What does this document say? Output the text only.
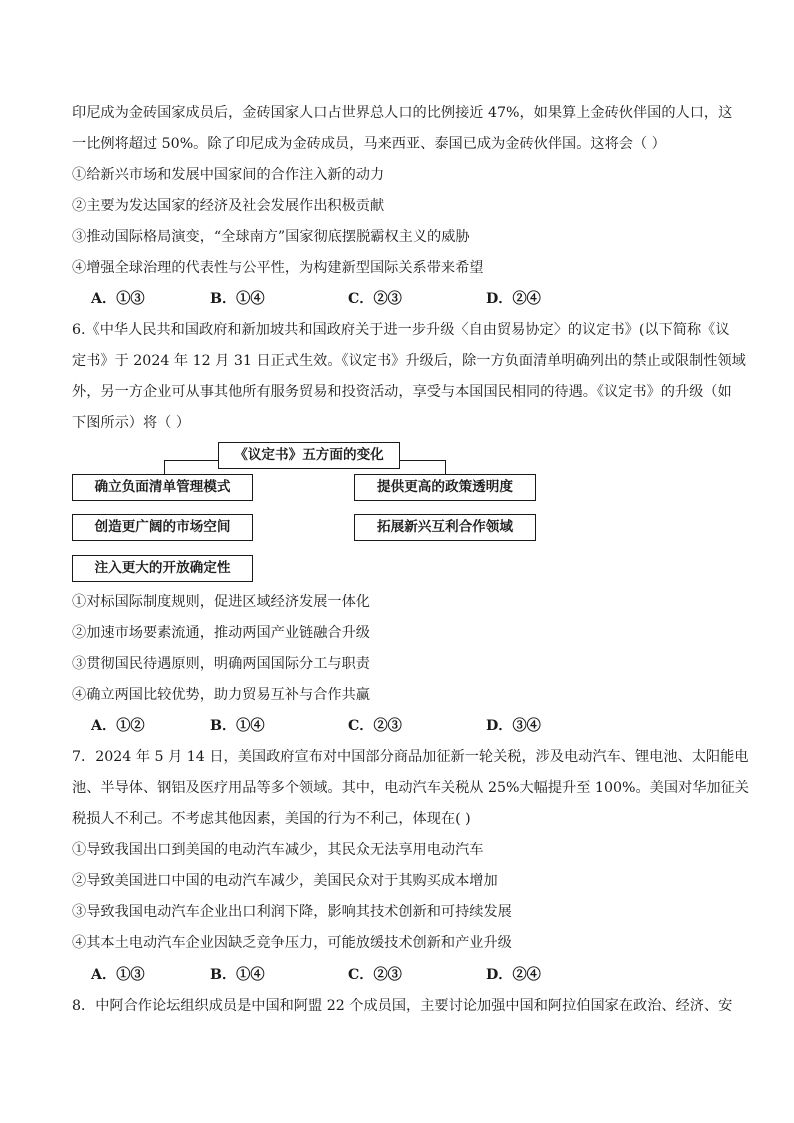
印尼成为金砖国家成员后，金砖国家人口占世界总人口的比例接近 47%，如果算上金砖伙伴国的人口，这
一比例将超过 50%。除了印尼成为金砖成员，马来西亚、泰国已成为金砖伙伴国。这将会（ ）
①给新兴市场和发展中国家间的合作注入新的动力
②主要为发达国家的经济及社会发展作出积极贡献
③推动国际格局演变，“全球南方”国家彻底摆脱霸权主义的威胁
④增强全球治理的代表性与公平性，为构建新型国际关系带来希望
A．①③	B．①④	C．②③	D．②④
6.《中华人民共和国政府和新加坡共和国政府关于进一步升级〈自由贸易协定〉的议定书》(以下简称《议
定书》于 2024 年 12 月 31 日正式生效。《议定书》升级后，除一方负面清单明确列出的禁止或限制性领域
外，另一方企业可从事其他所有服务贸易和投资活动，享受与本国国民相同的待遇。《议定书》的升级（如
下图所示）将（ ）
《议定书》五方面的变化
确立负面清单管理模式
创造更广阔的市场空间
注入更大的开放确定性
提供更高的政策透明度
拓展新兴互利合作领域
①对标国际制度规则，促进区域经济发展一体化
②加速市场要素流通，推动两国产业链融合升级
③贯彻国民待遇原则，明确两国国际分工与职责
④确立两国比较优势，助力贸易互补与合作共赢
A．①②	B．①④	C．②③	D．③④
7．2024 年 5 月 14 日，美国政府宣布对中国部分商品加征新一轮关税，涉及电动汽车、锂电池、太阳能电
池、半导体、钢铝及医疗用品等多个领域。其中，电动汽车关税从 25%大幅提升至 100%。美国对华加征关
税损人不利己。不考虑其他因素，美国的行为不利己，体现在( )
①导致我国出口到美国的电动汽车减少，其民众无法享用电动汽车
②导致美国进口中国的电动汽车减少，美国民众对于其购买成本增加
③导致我国电动汽车企业出口利润下降，影响其技术创新和可持续发展
④其本土电动汽车企业因缺乏竞争压力，可能放缓技术创新和产业升级
A．①③	B．①④	C．②③	D．②④
8．中阿合作论坛组织成员是中国和阿盟 22 个成员国，主要讨论加强中国和阿拉伯国家在政治、经济、安
